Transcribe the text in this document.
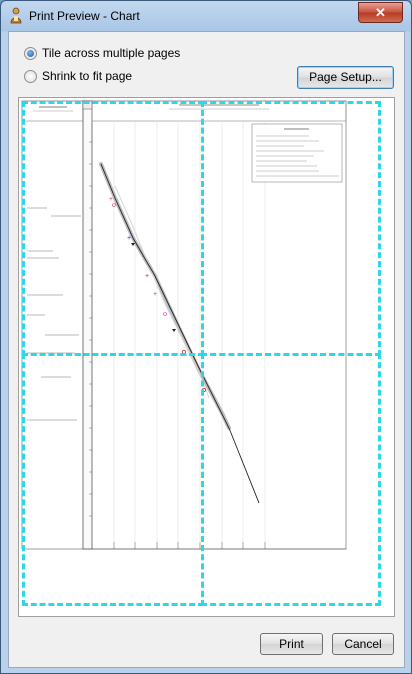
Print Preview - Chart	✕
Tile across multiple pages
Shrink to fit page	Page Setup...
Print	Cancel
+
+
+
+
